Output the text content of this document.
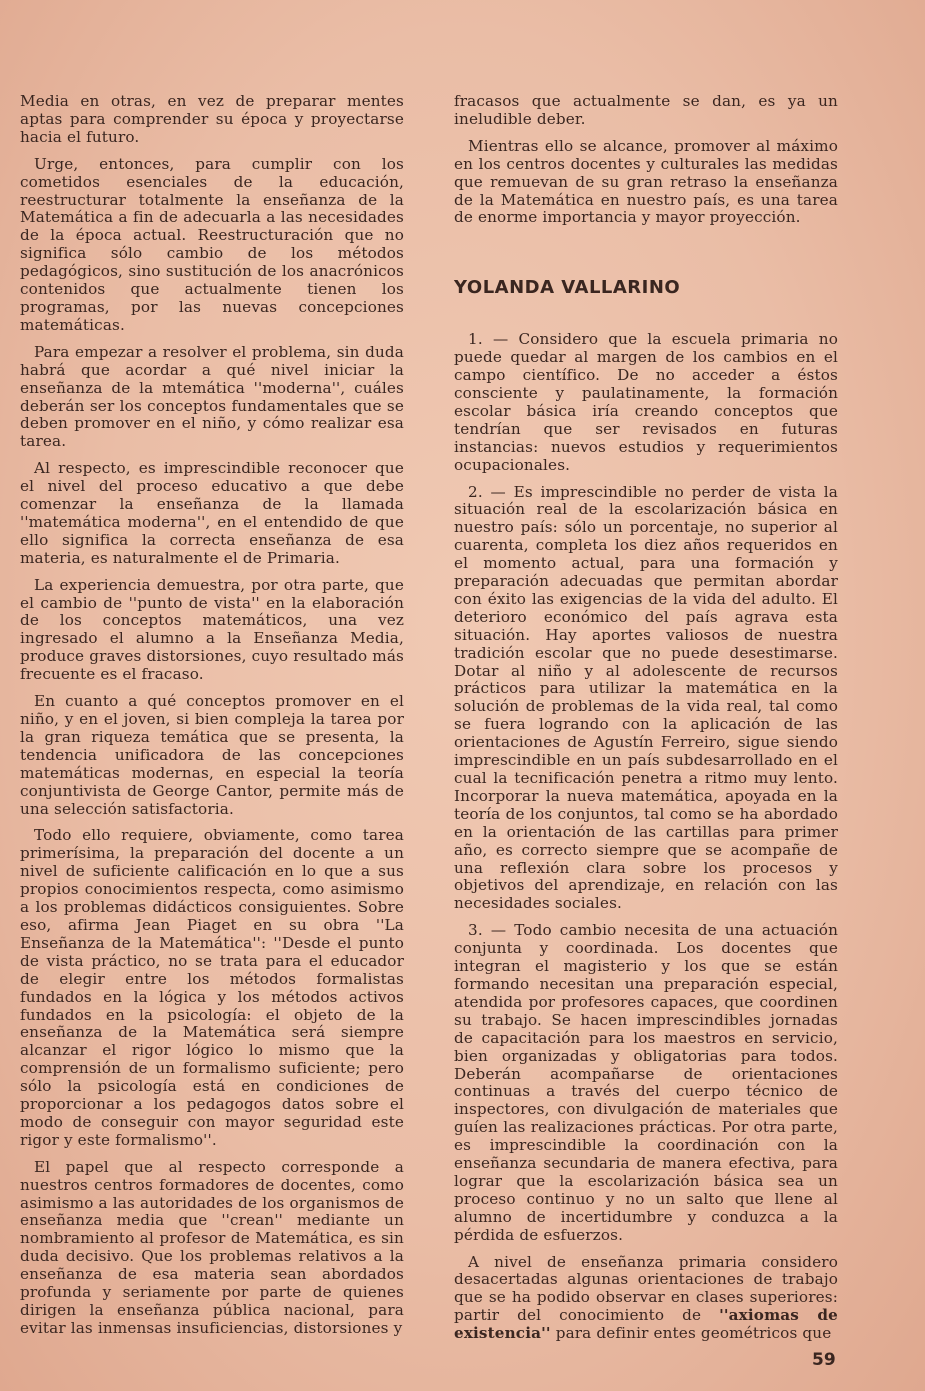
Media en otras, en vez de preparar mentes aptas para comprender su época y proyectarse hacia el futuro.

Urge, entonces, para cumplir con los cometidos esenciales de la educación, reestructurar totalmente la enseñanza de la Matemática a fin de adecuarla a las necesidades de la época actual. Reestructuración que no significa sólo cambio de los métodos pedagógicos, sino sustitución de los anacrónicos contenidos que actualmente tienen los programas, por las nuevas concepciones matemáticas.

Para empezar a resolver el problema, sin duda habrá que acordar a qué nivel iniciar la enseñanza de la mtemática ''moderna'', cuáles deberán ser los conceptos fundamentales que se deben promover en el niño, y cómo realizar esa tarea.

Al respecto, es imprescindible reconocer que el nivel del proceso educativo a que debe comenzar la enseñanza de la llamada ''matemática moderna'', en el entendido de que ello significa la correcta enseñanza de esa materia, es naturalmente el de Primaria.

La experiencia demuestra, por otra parte, que el cambio de ''punto de vista'' en la elaboración de los conceptos matemáticos, una vez ingresado el alumno a la Enseñanza Media, produce graves distorsiones, cuyo resultado más frecuente es el fracaso.

En cuanto a qué conceptos promover en el niño, y en el joven, si bien compleja la tarea por la gran riqueza temática que se presenta, la tendencia unificadora de las concepciones matemáticas modernas, en especial la teoría conjuntivista de George Cantor, permite más de una selección satisfactoria.

Todo ello requiere, obviamente, como tarea primerísima, la preparación del docente a un nivel de suficiente calificación en lo que a sus propios conocimientos respecta, como asimismo a los problemas didácticos consiguientes. Sobre eso, afirma Jean Piaget en su obra ''La Enseñanza de la Matemática'': ''Desde el punto de vista práctico, no se trata para el educador de elegir entre los métodos formalistas fundados en la lógica y los métodos activos fundados en la psicología: el objeto de la enseñanza de la Matemática será siempre alcanzar el rigor lógico lo mismo que la comprensión de un formalismo suficiente; pero sólo la psicología está en condiciones de proporcionar a los pedagogos datos sobre el modo de conseguir con mayor seguridad este rigor y este formalismo''.

El papel que al respecto corresponde a nuestros centros formadores de docentes, como asimismo a las autoridades de los organismos de enseñanza media que ''crean'' mediante un nombramiento al profesor de Matemática, es sin duda decisivo. Que los problemas relativos a la enseñanza de esa materia sean abordados profunda y seriamente por parte de quienes dirigen la enseñanza pública nacional, para evitar las inmensas insuficiencias, distorsiones y

fracasos que actualmente se dan, es ya un ineludible deber.

Mientras ello se alcance, promover al máximo en los centros docentes y culturales las medidas que remuevan de su gran retraso la enseñanza de la Matemática en nuestro país, es una tarea de enorme importancia y mayor proyección.

YOLANDA VALLARINO

1. — Considero que la escuela primaria no puede quedar al margen de los cambios en el campo científico. De no acceder a éstos consciente y paulatinamente, la formación escolar básica iría creando conceptos que tendrían que ser revisados en futuras instancias: nuevos estudios y requerimientos ocupacionales.

2. — Es imprescindible no perder de vista la situación real de la escolarización básica en nuestro país: sólo un porcentaje, no superior al cuarenta, completa los diez años requeridos en el momento actual, para una formación y preparación adecuadas que permitan abordar con éxito las exigencias de la vida del adulto. El deterioro económico del país agrava esta situación. Hay aportes valiosos de nuestra tradición escolar que no puede desestimarse. Dotar al niño y al adolescente de recursos prácticos para utilizar la matemática en la solución de problemas de la vida real, tal como se fuera logrando con la aplicación de las orientaciones de Agustín Ferreiro, sigue siendo imprescindible en un país subdesarrollado en el cual la tecnificación penetra a ritmo muy lento. Incorporar la nueva matemática, apoyada en la teoría de los conjuntos, tal como se ha abordado en la orientación de las cartillas para primer año, es correcto siempre que se acompañe de una reflexión clara sobre los procesos y objetivos del aprendizaje, en relación con las necesidades sociales.

3. — Todo cambio necesita de una actuación conjunta y coordinada. Los docentes que integran el magisterio y los que se están formando necesitan una preparación especial, atendida por profesores capaces, que coordinen su trabajo. Se hacen imprescindibles jornadas de capacitación para los maestros en servicio, bien organizadas y obligatorias para todos. Deberán acompañarse de orientaciones continuas a través del cuerpo técnico de inspectores, con divulgación de materiales que guíen las realizaciones prácticas. Por otra parte, es imprescindible la coordinación con la enseñanza secundaria de manera efectiva, para lograr que la escolarización básica sea un proceso continuo y no un salto que llene al alumno de incertidumbre y conduzca a la pérdida de esfuerzos.

A nivel de enseñanza primaria considero desacertadas algunas orientaciones de trabajo que se ha podido observar en clases superiores: partir del conocimiento de ''axiomas de existencia'' para definir entes geométricos que

59
